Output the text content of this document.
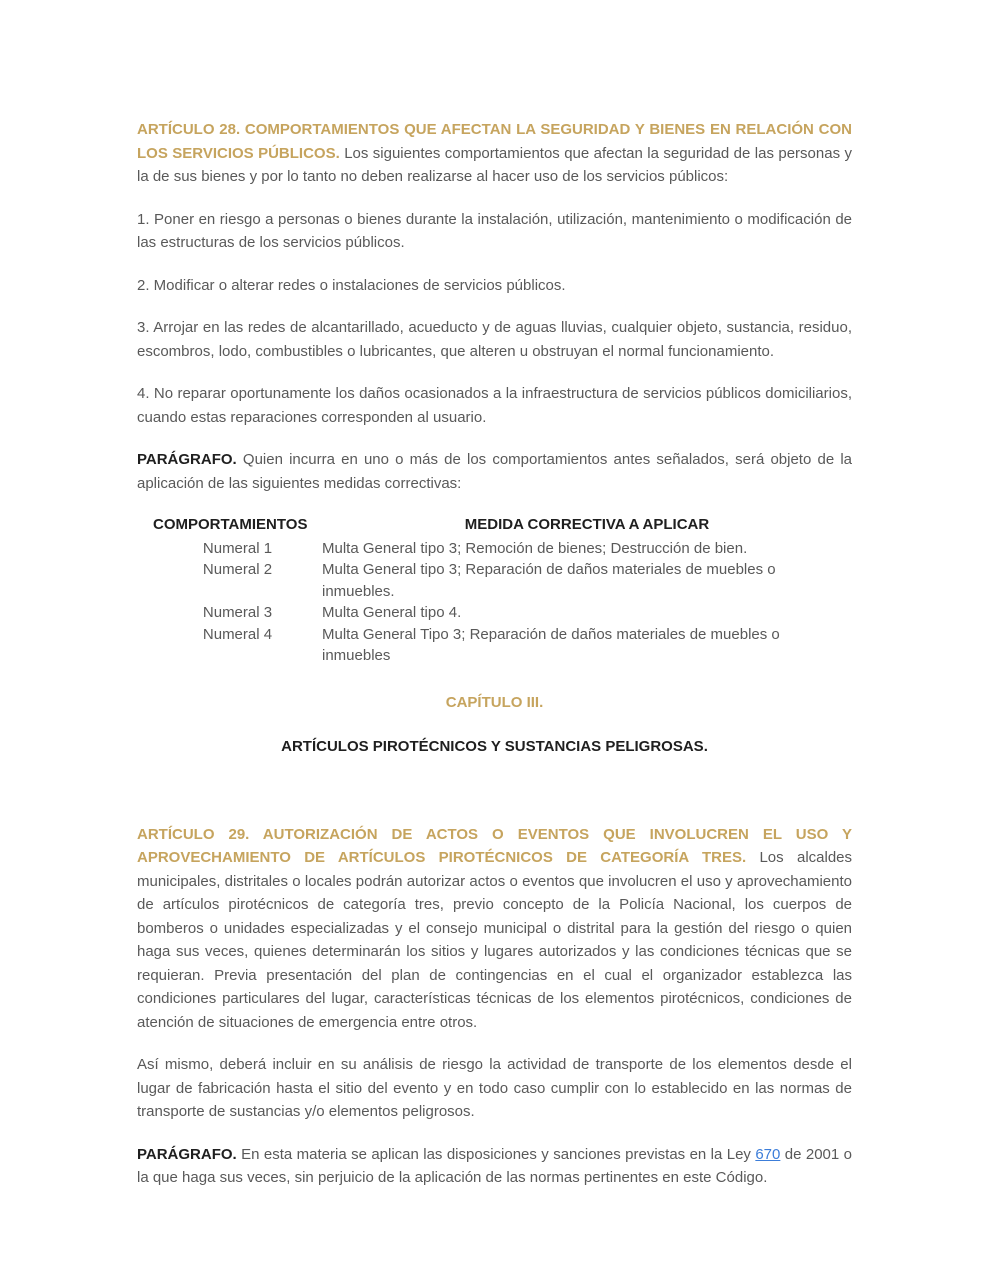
ARTÍCULO 28. COMPORTAMIENTOS QUE AFECTAN LA SEGURIDAD Y BIENES EN RELACIÓN CON LOS SERVICIOS PÚBLICOS. Los siguientes comportamientos que afectan la seguridad de las personas y la de sus bienes y por lo tanto no deben realizarse al hacer uso de los servicios públicos:

1. Poner en riesgo a personas o bienes durante la instalación, utilización, mantenimiento o modificación de las estructuras de los servicios públicos.

2. Modificar o alterar redes o instalaciones de servicios públicos.

3. Arrojar en las redes de alcantarillado, acueducto y de aguas lluvias, cualquier objeto, sustancia, residuo, escombros, lodo, combustibles o lubricantes, que alteren u obstruyan el normal funcionamiento.

4. No reparar oportunamente los daños ocasionados a la infraestructura de servicios públicos domiciliarios, cuando estas reparaciones corresponden al usuario.

PARÁGRAFO. Quien incurra en uno o más de los comportamientos antes señalados, será objeto de la aplicación de las siguientes medidas correctivas:

COMPORTAMIENTOS	MEDIDA CORRECTIVA A APLICAR
Numeral 1	Multa General tipo 3; Remoción de bienes; Destrucción de bien.
Numeral 2	Multa General tipo 3; Reparación de daños materiales de muebles o inmuebles.
Numeral 3	Multa General tipo 4.
Numeral 4	Multa General Tipo 3; Reparación de daños materiales de muebles o inmuebles

CAPÍTULO III.

ARTÍCULOS PIROTÉCNICOS Y SUSTANCIAS PELIGROSAS.

ARTÍCULO 29. AUTORIZACIÓN DE ACTOS O EVENTOS QUE INVOLUCREN EL USO Y APROVECHAMIENTO DE ARTÍCULOS PIROTÉCNICOS DE CATEGORÍA TRES. Los alcaldes municipales, distritales o locales podrán autorizar actos o eventos que involucren el uso y aprovechamiento de artículos pirotécnicos de categoría tres, previo concepto de la Policía Nacional, los cuerpos de bomberos o unidades especializadas y el consejo municipal o distrital para la gestión del riesgo o quien haga sus veces, quienes determinarán los sitios y lugares autorizados y las condiciones técnicas que se requieran. Previa presentación del plan de contingencias en el cual el organizador establezca las condiciones particulares del lugar, características técnicas de los elementos pirotécnicos, condiciones de atención de situaciones de emergencia entre otros.

Así mismo, deberá incluir en su análisis de riesgo la actividad de transporte de los elementos desde el lugar de fabricación hasta el sitio del evento y en todo caso cumplir con lo establecido en las normas de transporte de sustancias y/o elementos peligrosos.

PARÁGRAFO. En esta materia se aplican las disposiciones y sanciones previstas en la Ley 670 de 2001 o la que haga sus veces, sin perjuicio de la aplicación de las normas pertinentes en este Código.
